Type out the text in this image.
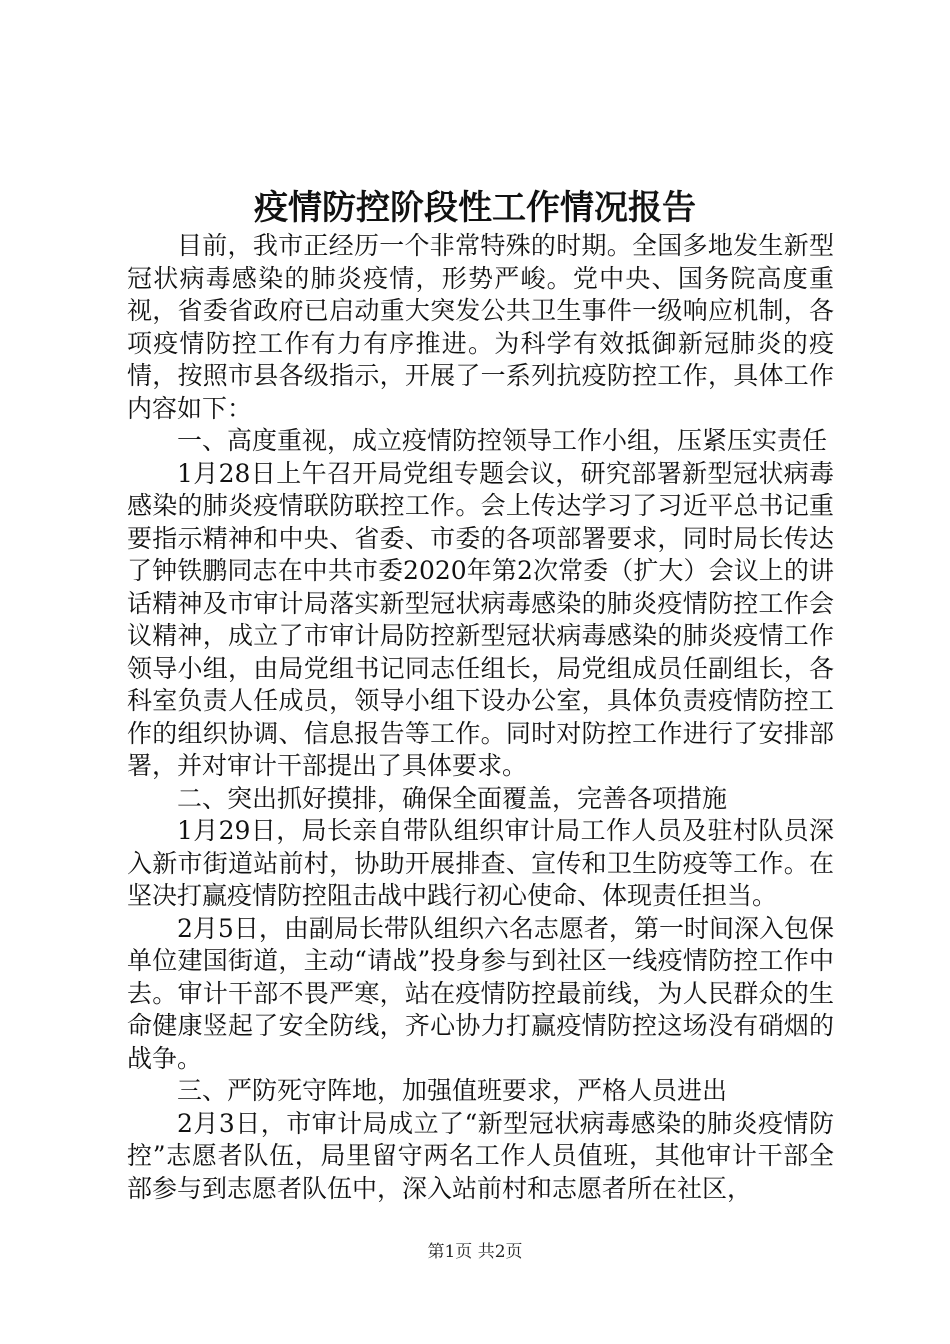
疫情防控阶段性工作情况报告

目前，我市正经历一个非常特殊的时期。全国多地发生新型冠状病毒感染的肺炎疫情，形势严峻。党中央、国务院高度重视，省委省政府已启动重大突发公共卫生事件一级响应机制，各项疫情防控工作有力有序推进。为科学有效抵御新冠肺炎的疫情，按照市县各级指示，开展了一系列抗疫防控工作，具体工作内容如下：

一、高度重视，成立疫情防控领导工作小组，压紧压实责任

1月28日上午召开局党组专题会议，研究部署新型冠状病毒感染的肺炎疫情联防联控工作。会上传达学习了习近平总书记重要指示精神和中央、省委、市委的各项部署要求，同时局长传达了钟铁鹏同志在中共市委2020年第2次常委（扩大）会议上的讲话精神及市审计局落实新型冠状病毒感染的肺炎疫情防控工作会议精神，成立了市审计局防控新型冠状病毒感染的肺炎疫情工作领导小组，由局党组书记同志任组长，局党组成员任副组长，各科室负责人任成员，领导小组下设办公室，具体负责疫情防控工作的组织协调、信息报告等工作。同时对防控工作进行了安排部署，并对审计干部提出了具体要求。

二、突出抓好摸排，确保全面覆盖，完善各项措施

1月29日，局长亲自带队组织审计局工作人员及驻村队员深入新市街道站前村，协助开展排查、宣传和卫生防疫等工作。在坚决打赢疫情防控阻击战中践行初心使命、体现责任担当。

2月5日，由副局长带队组织六名志愿者，第一时间深入包保单位建国街道，主动“请战”投身参与到社区一线疫情防控工作中去。审计干部不畏严寒，站在疫情防控最前线，为人民群众的生命健康竖起了安全防线，齐心协力打赢疫情防控这场没有硝烟的战争。

三、严防死守阵地，加强值班要求，严格人员进出

2月3日，市审计局成立了“新型冠状病毒感染的肺炎疫情防控”志愿者队伍，局里留守两名工作人员值班，其他审计干部全部参与到志愿者队伍中，深入站前村和志愿者所在社区，

第1页 共2页
